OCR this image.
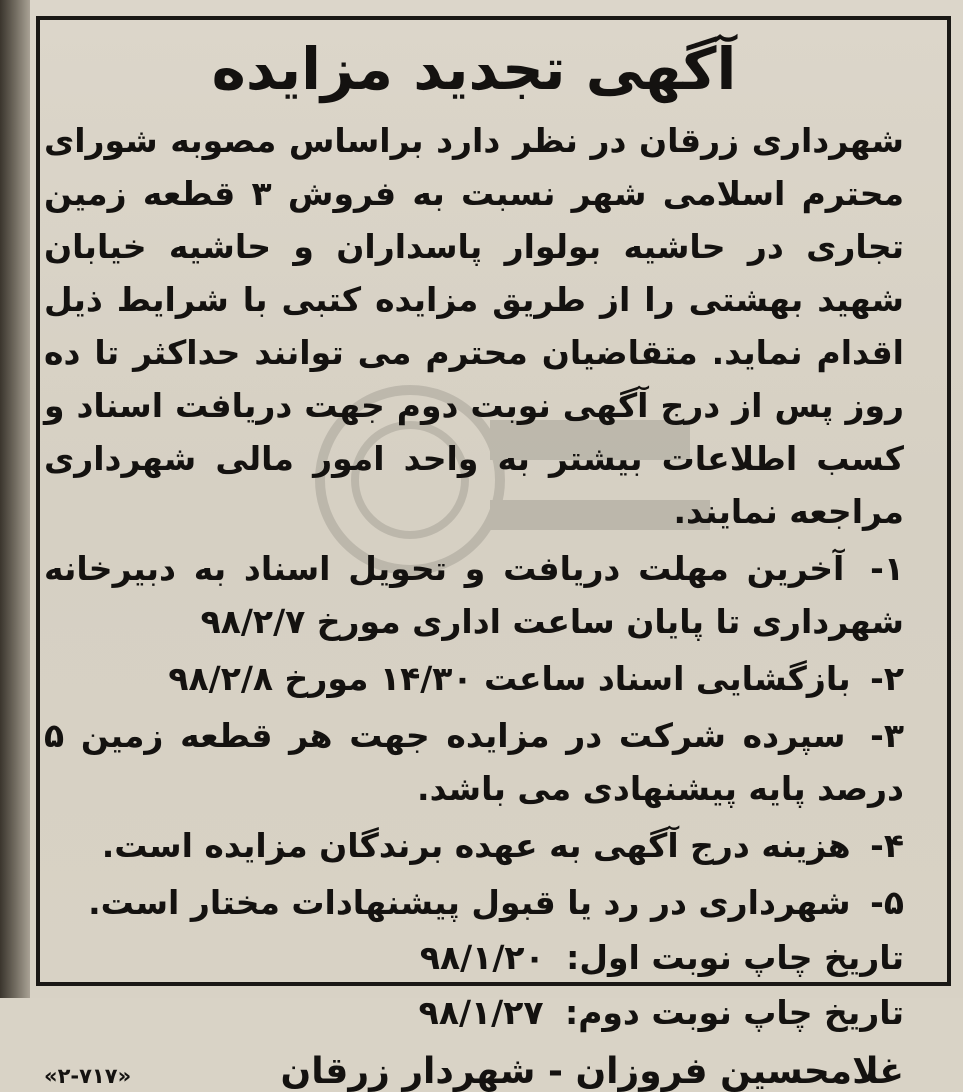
آگهی تجدید مزایده

شهرداری زرقان در نظر دارد براساس مصوبه شورای محترم اسلامی شهر نسبت به فروش ۳ قطعه زمین تجاری در حاشیه بولوار پاسداران و حاشیه خیابان شهید بهشتی را از طریق مزایده کتبی با شرایط ذیل اقدام نماید. متقاضیان محترم می توانند حداکثر تا ده روز پس از درج آگهی نوبت دوم جهت دریافت اسناد و کسب اطلاعات بیشتر به واحد امور مالی شهرداری مراجعه نمایند.

۱- آخرین مهلت دریافت و تحویل اسناد به دبیرخانه شهرداری تا پایان ساعت اداری مورخ ۹۸/۲/۷
۲- بازگشایی اسناد ساعت ۱۴/۳۰ مورخ ۹۸/۲/۸
۳- سپرده شرکت در مزایده جهت هر قطعه زمین ۵ درصد پایه پیشنهادی می باشد.
۴- هزینه درج آگهی به عهده برندگان مزایده است.
۵- شهرداری در رد یا قبول پیشنهادات مختار است.
تاریخ چاپ نوبت اول: ۹۸/۱/۲۰
تاریخ چاپ نوبت دوم: ۹۸/۱/۲۷
غلامحسین فروزان - شهردار زرقان
«۲-۷۱۷»
